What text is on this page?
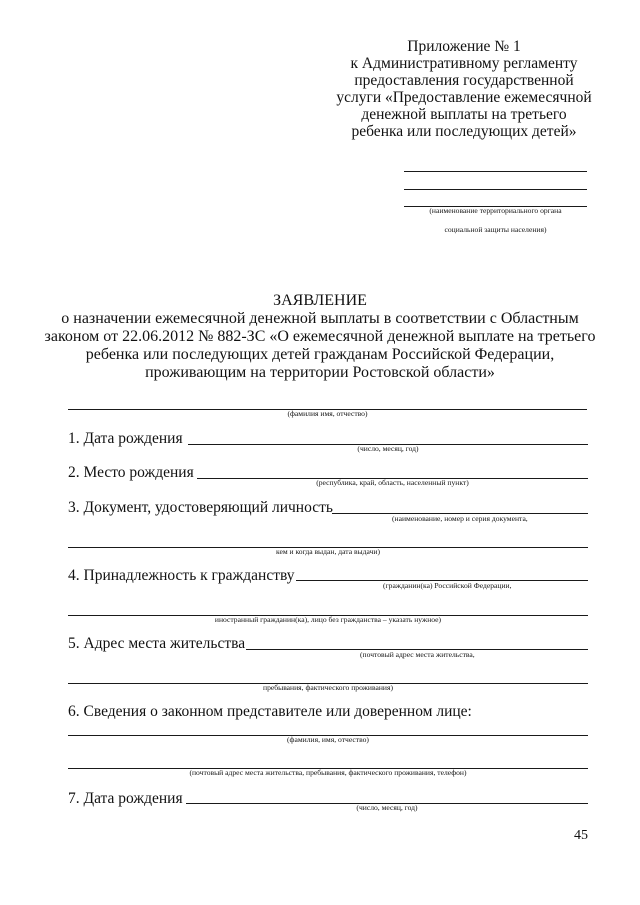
Приложение № 1
к Административному регламенту
предоставления государственной
услуги «Предоставление ежемесячной
денежной выплаты на третьего
ребенка или последующих детей»
(наименование территориального органа
социальной защиты населения)
ЗАЯВЛЕНИЕ
о назначении ежемесячной денежной выплаты в соответствии с Областным
законом от 22.06.2012 № 882-ЗС «О ежемесячной денежной выплате на третьего
ребенка или последующих детей гражданам Российской Федерации,
проживающим на территории Ростовской области»
(фамилия имя, отчество)
1. Дата рождения
(число, месяц, год)
2. Место рождения
(республика, край, область, населенный пункт)
3. Документ, удостоверяющий личность
(наименование, номер и серия документа,
кем и когда выдан, дата выдачи)
4. Принадлежность к гражданству
(гражданин(ка) Российской Федерации,
иностранный гражданин(ка), лицо без гражданства – указать нужное)
5. Адрес места жительства
(почтовый адрес места жительства,
пребывания, фактического проживания)
6. Сведения о законном представителе или доверенном лице:
(фамилия, имя, отчество)
(почтовый адрес места жительства, пребывания, фактического проживания, телефон)
7. Дата рождения
(число, месяц, год)
45
